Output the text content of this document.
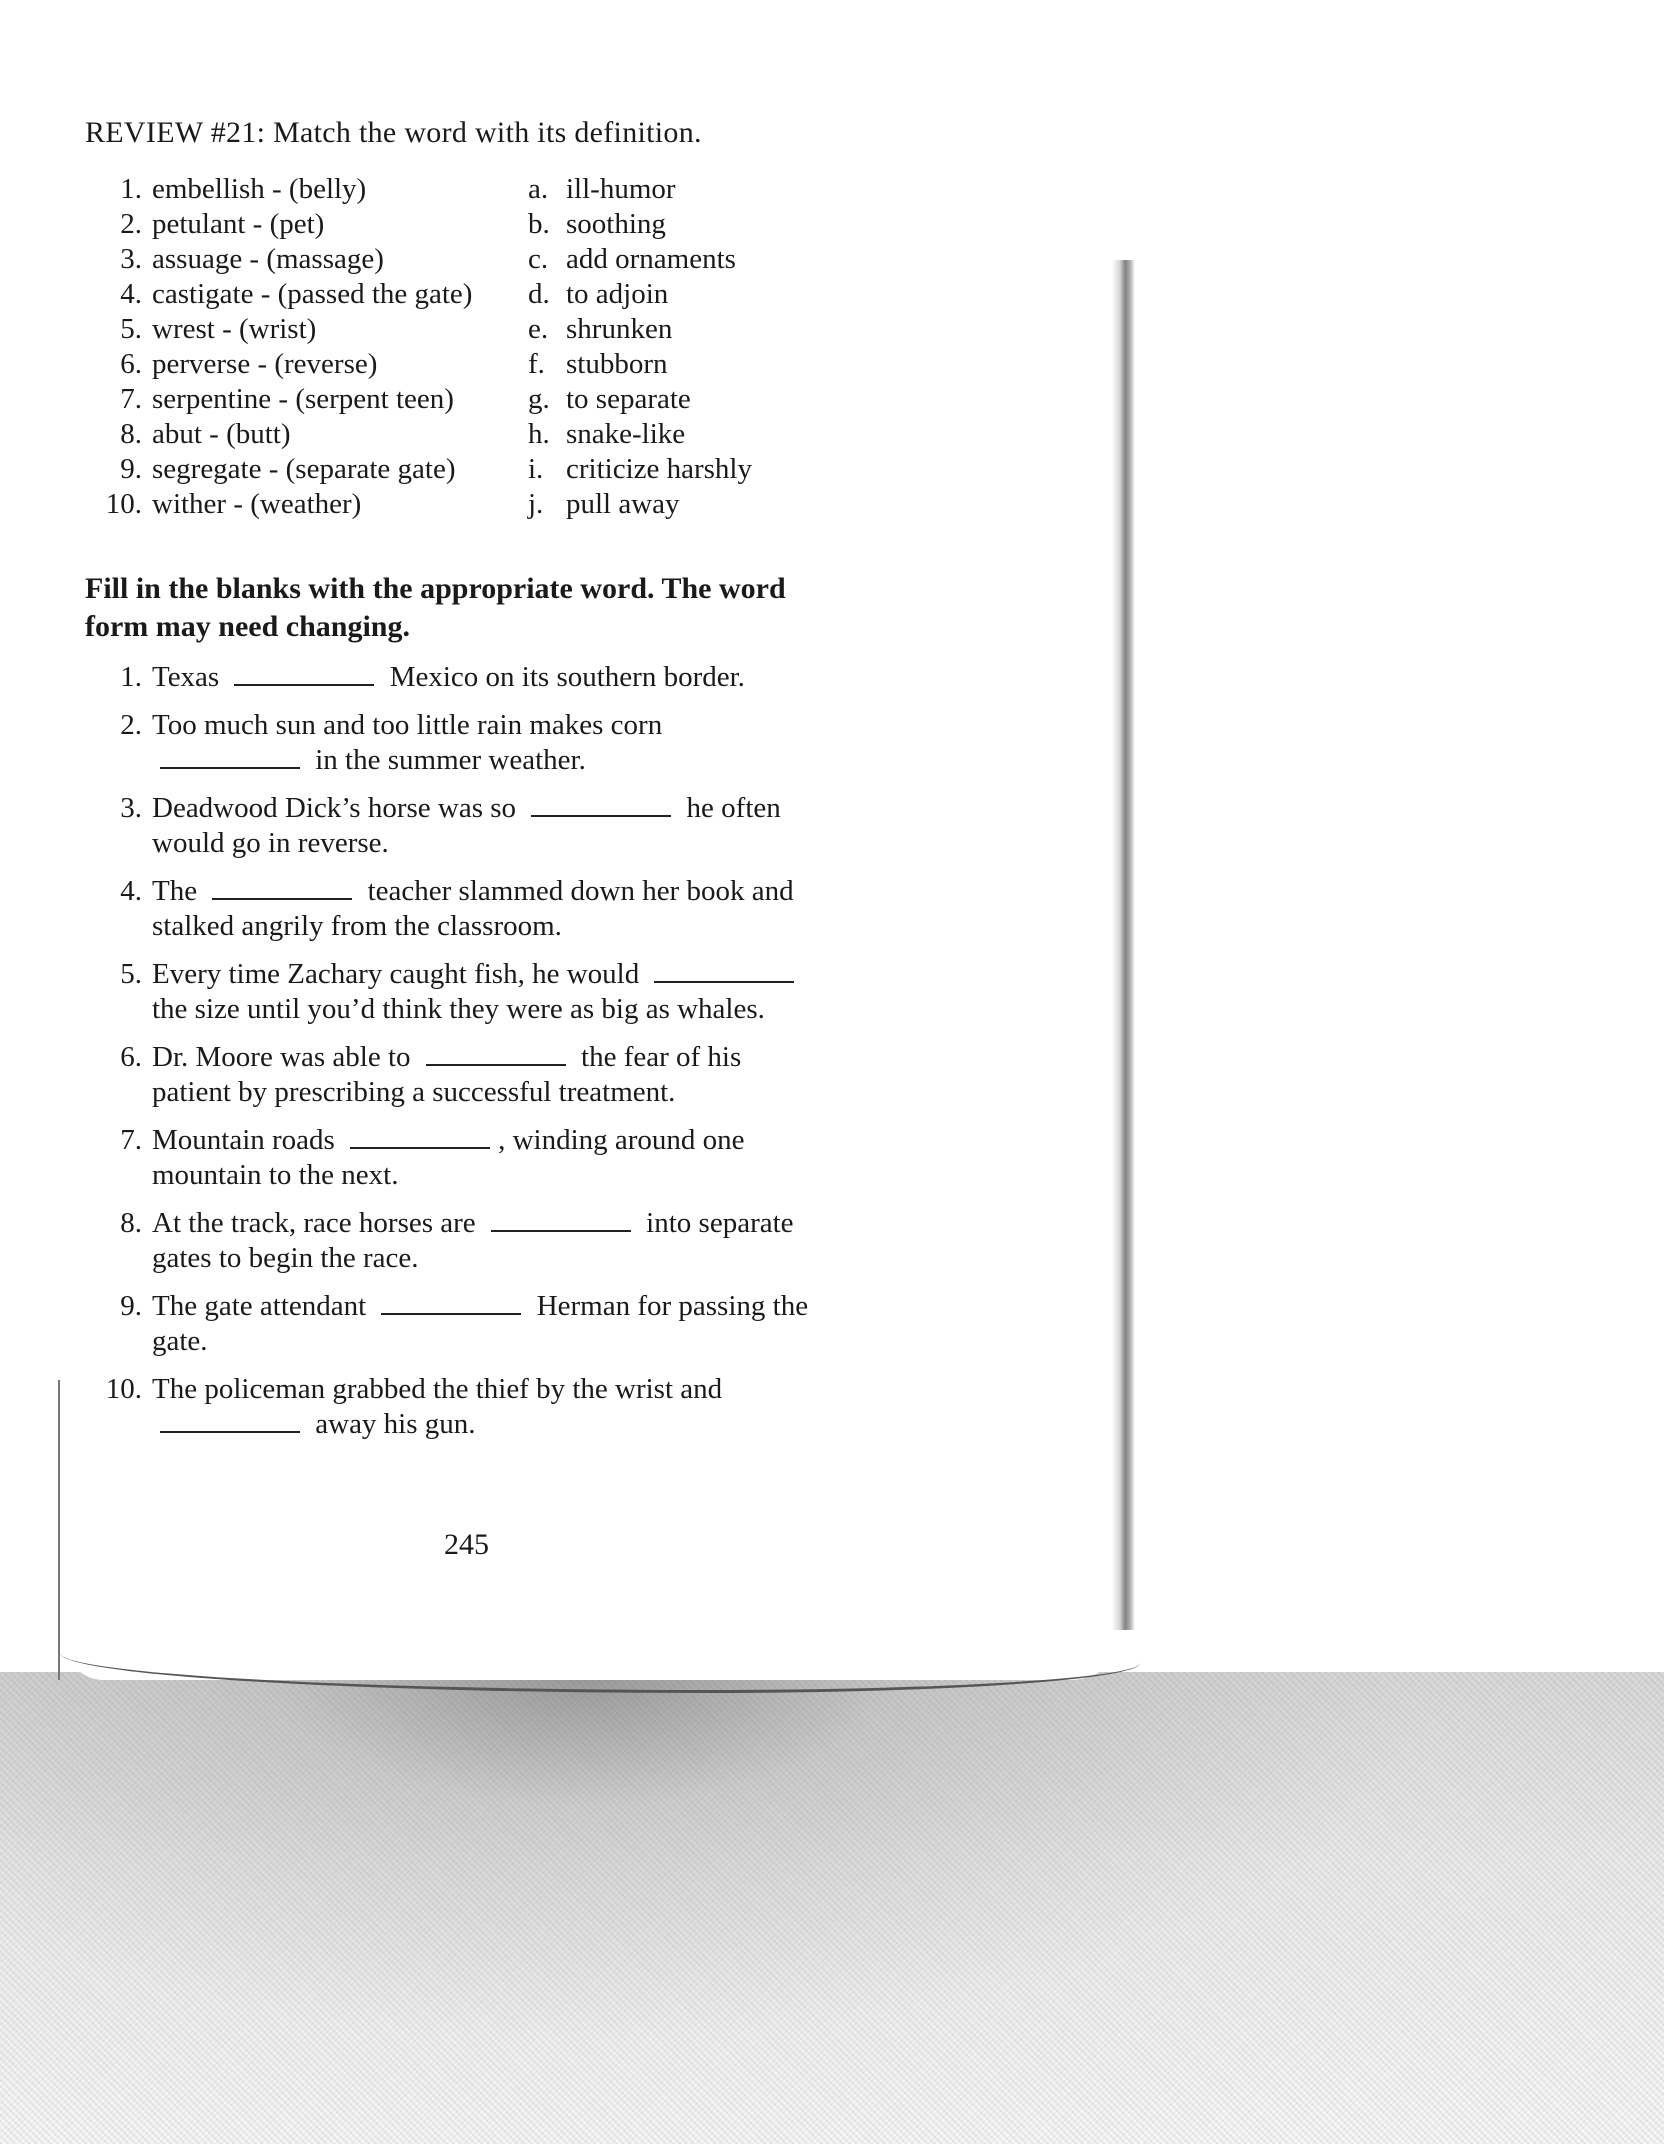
REVIEW #21: Match the word with its definition.
1. embellish - (belly)	a. ill-humor
2. petulant - (pet)	b. soothing
3. assuage - (massage)	c. add ornaments
4. castigate - (passed the gate) d. to adjoin
5. wrest - (wrist)	e. shrunken
6. perverse - (reverse)	f. stubborn
7. serpentine - (serpent teen)	g. to separate
8. abut - (butt)	h. snake-like
9. segregate - (separate gate)	i. criticize harshly
10. wither - (weather)	j. pull away
Fill in the blanks with the appropriate word. The word
form may need changing.
1. Texas	Mexico on its southern border.
2. Too much sun and too little rain makes corn
in the summer weather.
3. Deadwood Dick’s horse was so	he often
would go in reverse.
4. The	teacher slammed down her book and
stalked angrily from the classroom.
5. Every time Zachary caught fish, he would
the size until you’d think they were as big as whales.
6. Dr. Moore was able to	the fear of his
patient by prescribing a successful treatment.
7. Mountain roads	, winding around one
mountain to the next.
8. At the track, race horses are	into separate
gates to begin the race.
9. The gate attendant	Herman for passing the
gate.
10. The policeman grabbed the thief by the wrist and
away his gun.
245
